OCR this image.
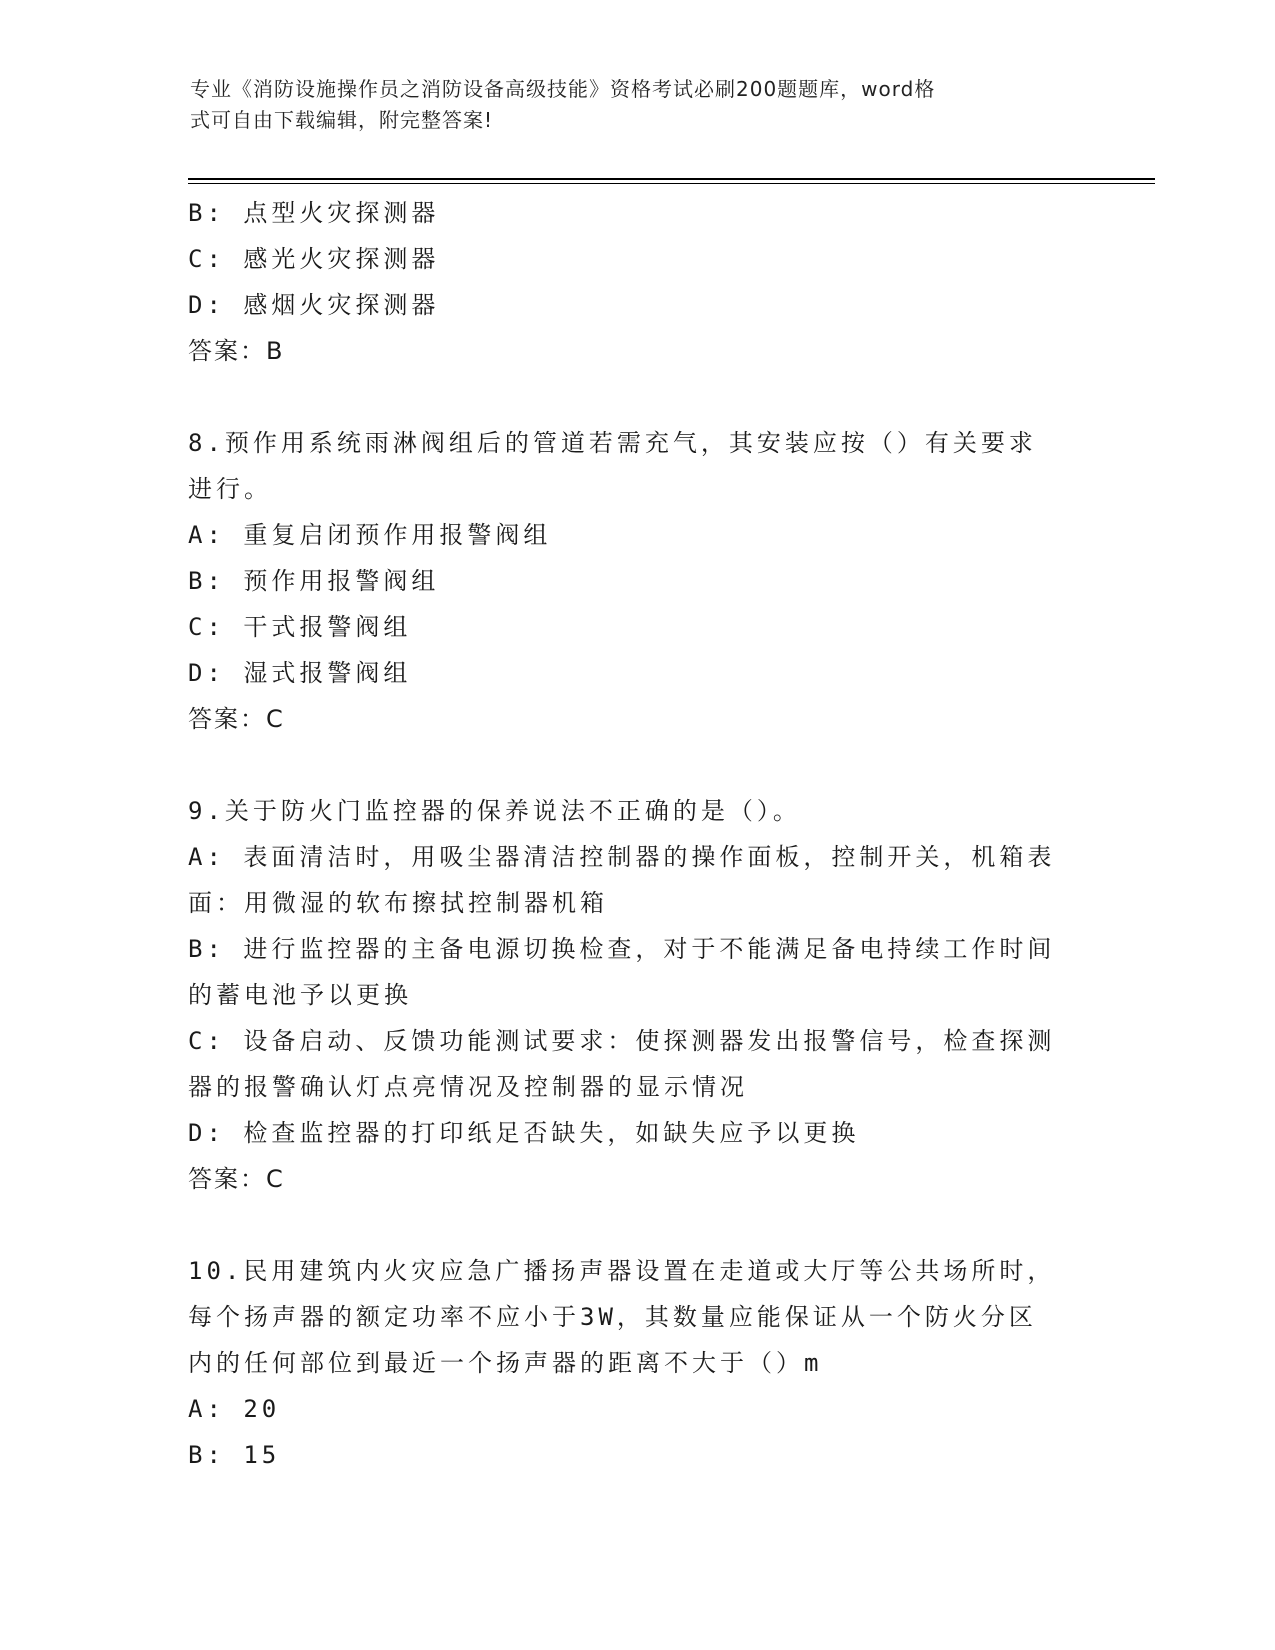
专业《消防设施操作员之消防设备高级技能》资格考试必刷200题题库，word格
式可自由下载编辑，附完整答案!
B: 点型火灾探测器
C: 感光火灾探测器
D: 感烟火灾探测器
答案：B
8.预作用系统雨淋阀组后的管道若需充气，其安装应按（）有关要求
进行。
A: 重复启闭预作用报警阀组
B: 预作用报警阀组
C: 干式报警阀组
D: 湿式报警阀组
答案：C
9.关于防火门监控器的保养说法不正确的是（）。
A: 表面清洁时，用吸尘器清洁控制器的操作面板，控制开关，机箱表
面：用微湿的软布擦拭控制器机箱
B: 进行监控器的主备电源切换检查，对于不能满足备电持续工作时间
的蓄电池予以更换
C: 设备启动、反馈功能测试要求：使探测器发出报警信号，检查探测
器的报警确认灯点亮情况及控制器的显示情况
D: 检查监控器的打印纸足否缺失，如缺失应予以更换
答案：C
10.民用建筑内火灾应急广播扬声器设置在走道或大厅等公共场所时，
每个扬声器的额定功率不应小于3W，其数量应能保证从一个防火分区
内的任何部位到最近一个扬声器的距离不大于（）m
A: 20
B: 15
